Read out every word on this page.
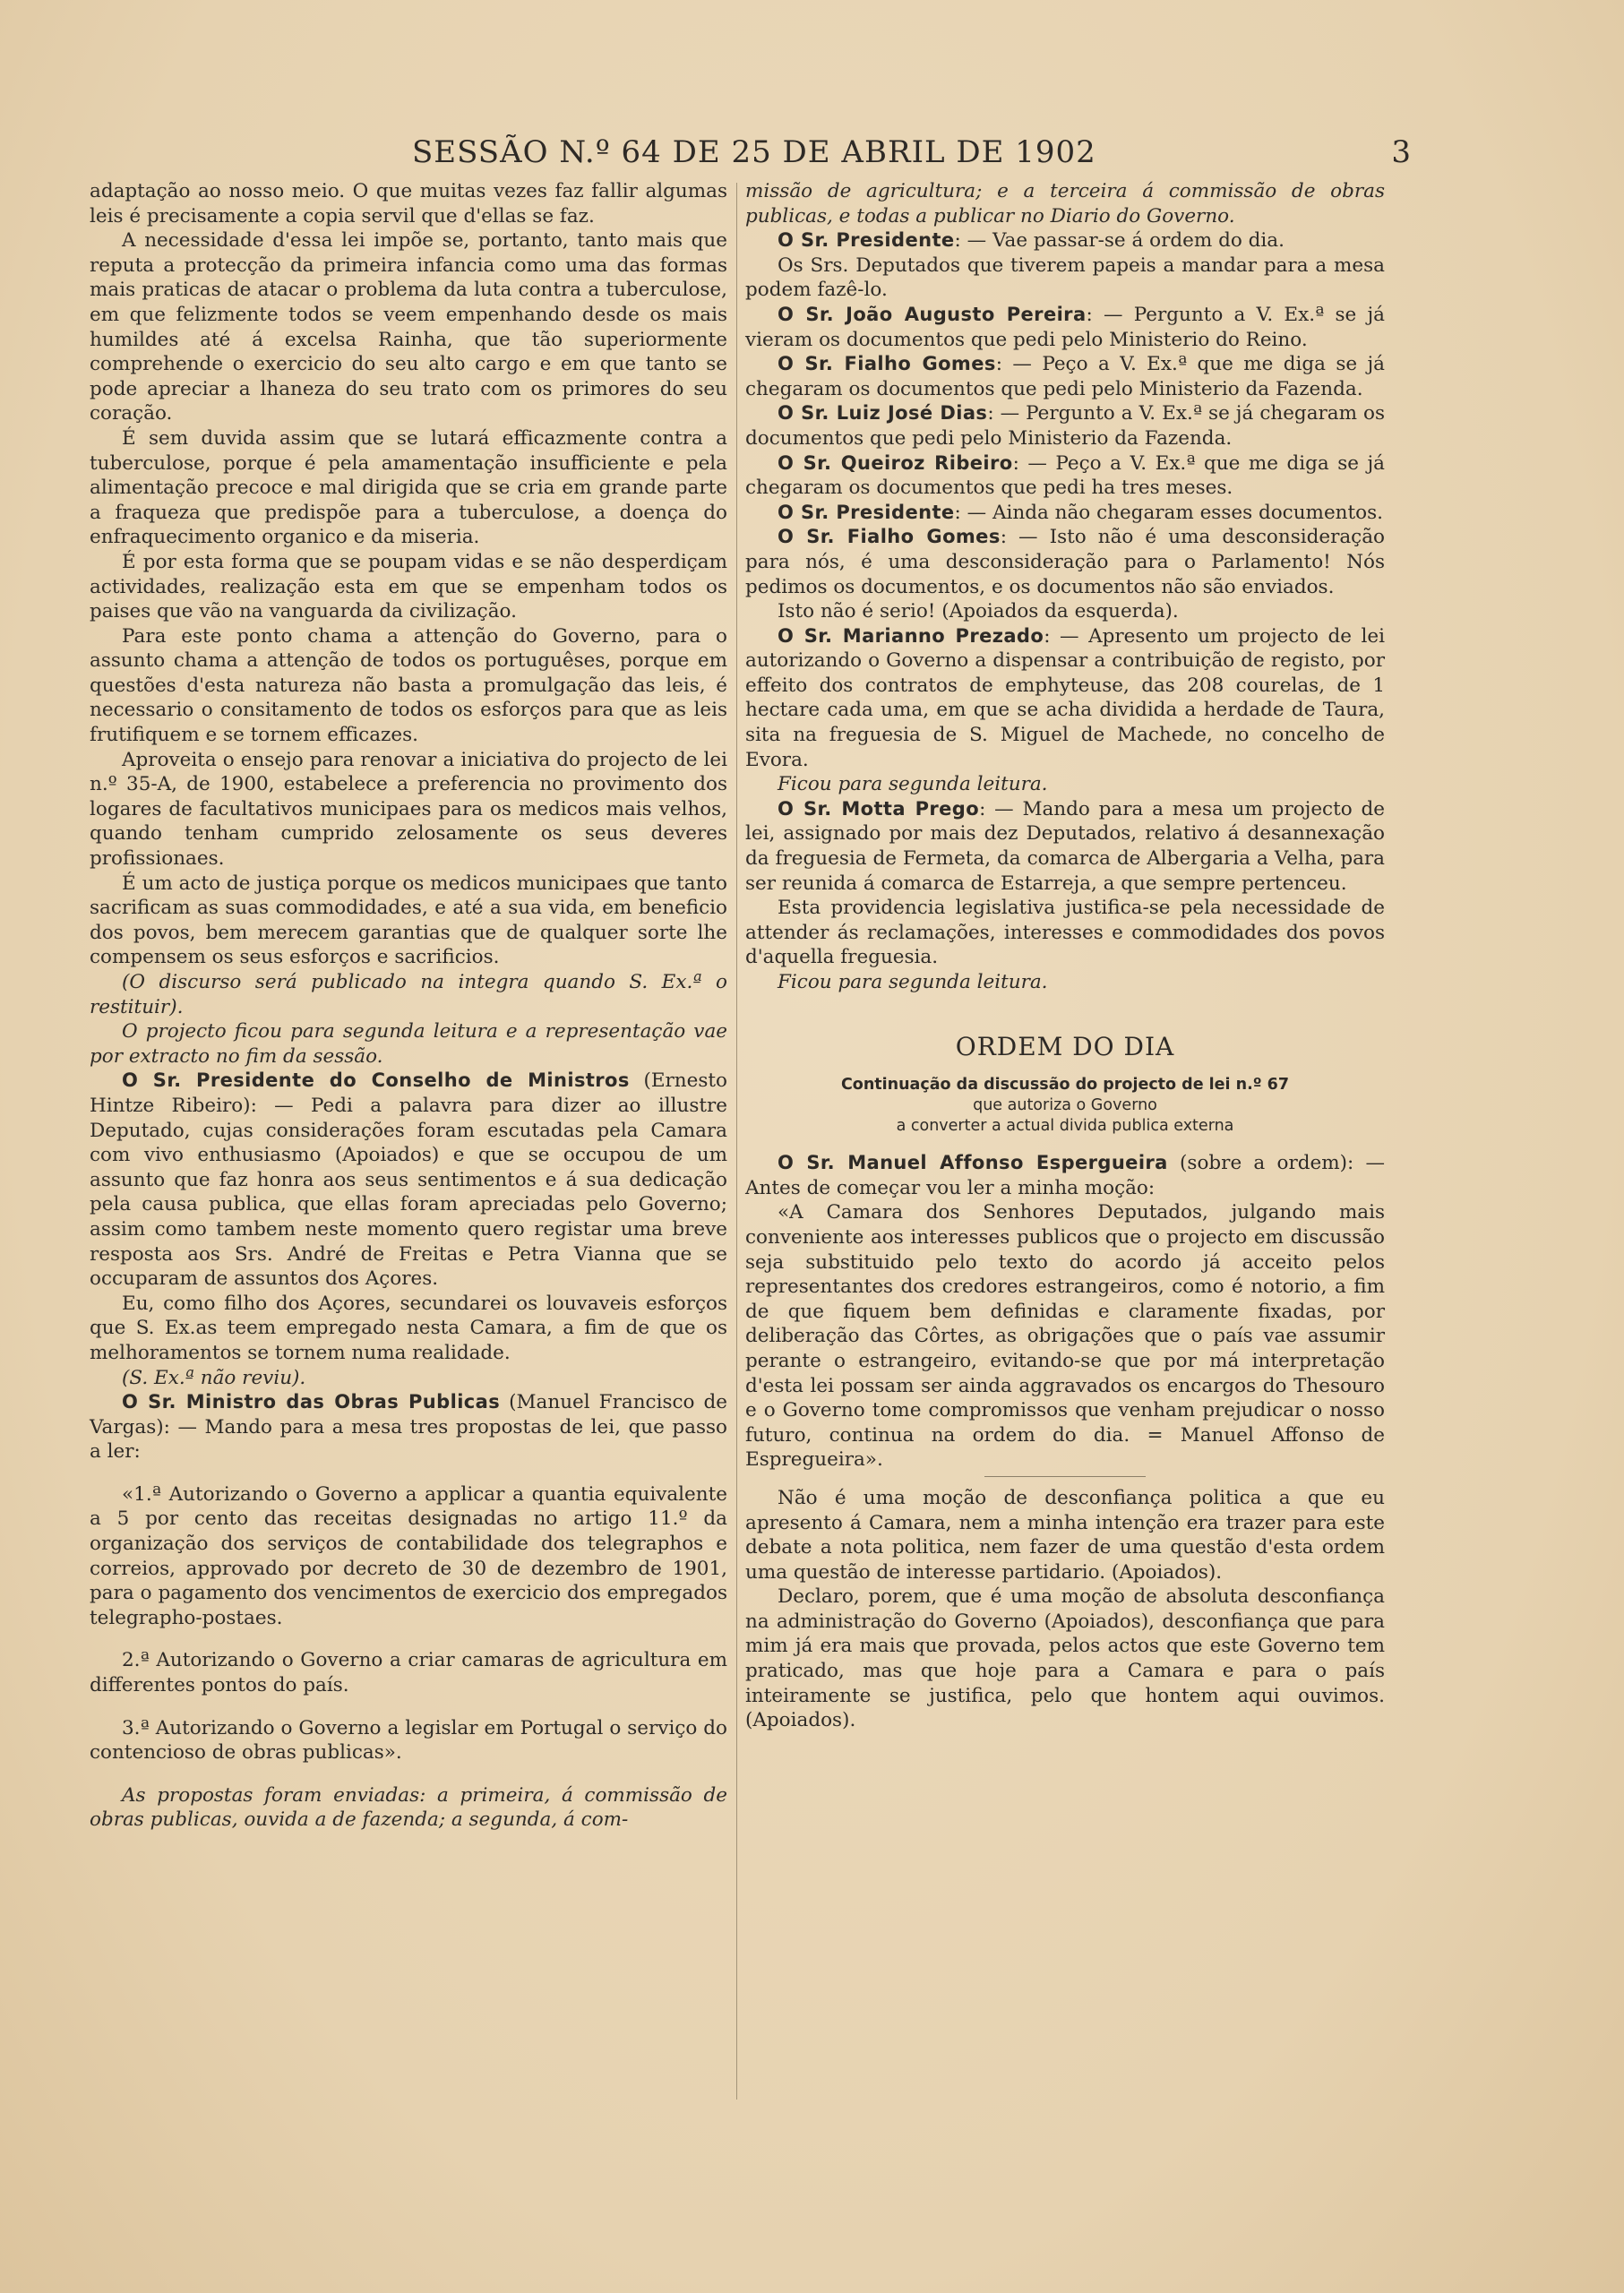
SESSÃO N.º 64 DE 25 DE ABRIL DE 1902	3

adaptação ao nosso meio. O que muitas vezes faz fallir algumas leis é precisamente a copia servil que d'ellas se faz.

A necessidade d'essa lei impõe se, portanto, tanto mais que reputa a protecção da primeira infancia como uma das formas mais praticas de atacar o problema da luta contra a tuberculose, em que felizmente todos se veem empenhando desde os mais humildes até á excelsa Rainha, que tão superiormente comprehende o exercicio do seu alto cargo e em que tanto se pode apreciar a lhaneza do seu trato com os primores do seu coração.

É sem duvida assim que se lutará efficazmente contra a tuberculose, porque é pela amamentação insufficiente e pela alimentação precoce e mal dirigida que se cria em grande parte a fraqueza que predispõe para a tuberculose, a doença do enfraquecimento organico e da miseria.

É por esta forma que se poupam vidas e se não desperdiçam actividades, realização esta em que se empenham todos os paises que vão na vanguarda da civilização.

Para este ponto chama a attenção do Governo, para o assunto chama a attenção de todos os portuguêses, porque em questões d'esta natureza não basta a promulgação das leis, é necessario o consitamento de todos os esforços para que as leis frutifiquem e se tornem efficazes.

Aproveita o ensejo para renovar a iniciativa do projecto de lei n.º 35-A, de 1900, estabelece a preferencia no provimento dos logares de facultativos municipaes para os medicos mais velhos, quando tenham cumprido zelosamente os seus deveres profissionaes.

É um acto de justiça porque os medicos municipaes que tanto sacrificam as suas commodidades, e até a sua vida, em beneficio dos povos, bem merecem garantias que de qualquer sorte lhe compensem os seus esforços e sacrificios.

(O discurso será publicado na integra quando S. Ex.ª o restituir).

O projecto ficou para segunda leitura e a representação vae por extracto no fim da sessão.

O Sr. Presidente do Conselho de Ministros (Ernesto Hintze Ribeiro): — Pedi a palavra para dizer ao illustre Deputado, cujas considerações foram escutadas pela Camara com vivo enthusiasmo (Apoiados) e que se occupou de um assunto que faz honra aos seus sentimentos e á sua dedicação pela causa publica, que ellas foram apreciadas pelo Governo; assim como tambem neste momento quero registar uma breve resposta aos Srs. André de Freitas e Petra Vianna que se occuparam de assuntos dos Açores.

Eu, como filho dos Açores, secundarei os louvaveis esforços que S. Ex.as teem empregado nesta Camara, a fim de que os melhoramentos se tornem numa realidade.

(S. Ex.ª não reviu).

O Sr. Ministro das Obras Publicas (Manuel Francisco de Vargas): — Mando para a mesa tres propostas de lei, que passo a ler:

«1.ª Autorizando o Governo a applicar a quantia equivalente a 5 por cento das receitas designadas no artigo 11.º da organização dos serviços de contabilidade dos telegraphos e correios, approvado por decreto de 30 de dezembro de 1901, para o pagamento dos vencimentos de exercicio dos empregados telegrapho-postaes.

2.ª Autorizando o Governo a criar camaras de agricultura em differentes pontos do país.

3.ª Autorizando o Governo a legislar em Portugal o serviço do contencioso de obras publicas».

As propostas foram enviadas: a primeira, á commissão de obras publicas, ouvida a de fazenda; a segunda, á com-

missão de agricultura; e a terceira á commissão de obras publicas, e todas a publicar no Diario do Governo.

O Sr. Presidente: — Vae passar-se á ordem do dia.

Os Srs. Deputados que tiverem papeis a mandar para a mesa podem fazê-lo.

O Sr. João Augusto Pereira: — Pergunto a V. Ex.ª se já vieram os documentos que pedi pelo Ministerio do Reino.

O Sr. Fialho Gomes: — Peço a V. Ex.ª que me diga se já chegaram os documentos que pedi pelo Ministerio da Fazenda.

O Sr. Luiz José Dias: — Pergunto a V. Ex.ª se já chegaram os documentos que pedi pelo Ministerio da Fazenda.

O Sr. Queiroz Ribeiro: — Peço a V. Ex.ª que me diga se já chegaram os documentos que pedi ha tres meses.

O Sr. Presidente: — Ainda não chegaram esses documentos.

O Sr. Fialho Gomes: — Isto não é uma desconsideração para nós, é uma desconsideração para o Parlamento! Nós pedimos os documentos, e os documentos não são enviados.

Isto não é serio! (Apoiados da esquerda).

O Sr. Marianno Prezado: — Apresento um projecto de lei autorizando o Governo a dispensar a contribuição de registo, por effeito dos contratos de emphyteuse, das 208 courelas, de 1 hectare cada uma, em que se acha dividida a herdade de Taura, sita na freguesia de S. Miguel de Machede, no concelho de Evora.

Ficou para segunda leitura.

O Sr. Motta Prego: — Mando para a mesa um projecto de lei, assignado por mais dez Deputados, relativo á desannexação da freguesia de Fermeta, da comarca de Albergaria a Velha, para ser reunida á comarca de Estarreja, a que sempre pertenceu.

Esta providencia legislativa justifica-se pela necessidade de attender ás reclamações, interesses e commodidades dos povos d'aquella freguesia.

Ficou para segunda leitura.

ORDEM DO DIA
Continuação da discussão do projecto de lei n.º 67
que autoriza o Governo
a converter a actual divida publica externa

O Sr. Manuel Affonso Espergueira (sobre a ordem): — Antes de começar vou ler a minha moção:

«A Camara dos Senhores Deputados, julgando mais conveniente aos interesses publicos que o projecto em discussão seja substituido pelo texto do acordo já acceito pelos representantes dos credores estrangeiros, como é notorio, a fim de que fiquem bem definidas e claramente fixadas, por deliberação das Côrtes, as obrigações que o país vae assumir perante o estrangeiro, evitando-se que por má interpretação d'esta lei possam ser ainda aggravados os encargos do Thesouro e o Governo tome compromissos que venham prejudicar o nosso futuro, continua na ordem do dia. = Manuel Affonso de Espregueira».

Não é uma moção de desconfiança politica a que eu apresento á Camara, nem a minha intenção era trazer para este debate a nota politica, nem fazer de uma questão d'esta ordem uma questão de interesse partidario. (Apoiados).

Declaro, porem, que é uma moção de absoluta desconfiança na administração do Governo (Apoiados), desconfiança que para mim já era mais que provada, pelos actos que este Governo tem praticado, mas que hoje para a Camara e para o país inteiramente se justifica, pelo que hontem aqui ouvimos. (Apoiados).
